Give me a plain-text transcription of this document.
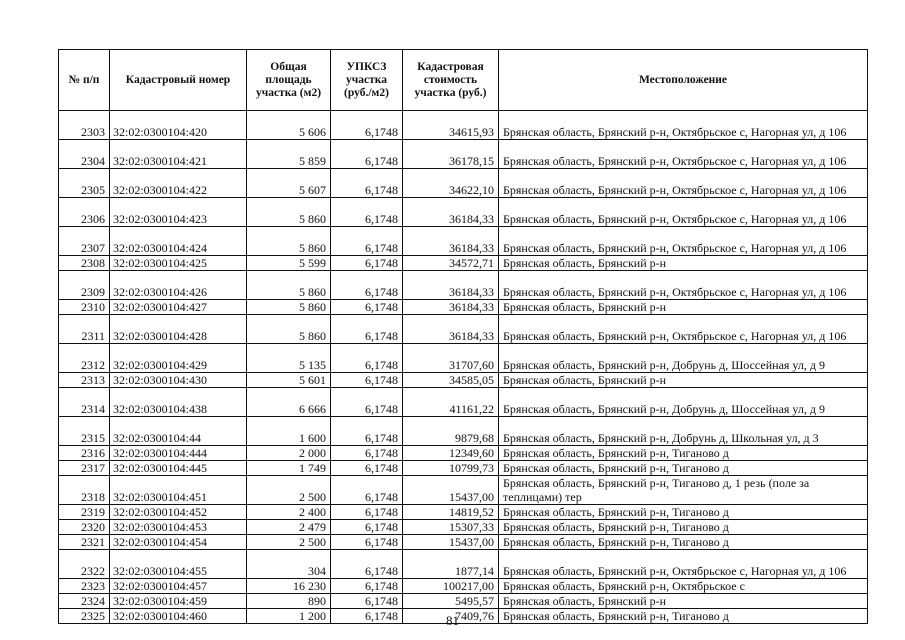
№ п/п	Кадастровый номер	Общая площадь участка (м2)	УПКСЗ участка (руб./м2)	Кадастровая стоимость участка (руб.)	Местоположение
2303	32:02:0300104:420	5 606	6,1748	34615,93	Брянская область, Брянский р-н, Октябрьское с, Нагорная ул, д 106
2304	32:02:0300104:421	5 859	6,1748	36178,15	Брянская область, Брянский р-н, Октябрьское с, Нагорная ул, д 106
2305	32:02:0300104:422	5 607	6,1748	34622,10	Брянская область, Брянский р-н, Октябрьское с, Нагорная ул, д 106
2306	32:02:0300104:423	5 860	6,1748	36184,33	Брянская область, Брянский р-н, Октябрьское с, Нагорная ул, д 106
2307	32:02:0300104:424	5 860	6,1748	36184,33	Брянская область, Брянский р-н, Октябрьское с, Нагорная ул, д 106
2308	32:02:0300104:425	5 599	6,1748	34572,71	Брянская область, Брянский р-н
2309	32:02:0300104:426	5 860	6,1748	36184,33	Брянская область, Брянский р-н, Октябрьское с, Нагорная ул, д 106
2310	32:02:0300104:427	5 860	6,1748	36184,33	Брянская область, Брянский р-н
2311	32:02:0300104:428	5 860	6,1748	36184,33	Брянская область, Брянский р-н, Октябрьское с, Нагорная ул, д 106
2312	32:02:0300104:429	5 135	6,1748	31707,60	Брянская область, Брянский р-н, Добрунь д, Шоссейная ул, д 9
2313	32:02:0300104:430	5 601	6,1748	34585,05	Брянская область, Брянский р-н
2314	32:02:0300104:438	6 666	6,1748	41161,22	Брянская область, Брянский р-н, Добрунь д, Шоссейная ул, д 9
2315	32:02:0300104:44	1 600	6,1748	9879,68	Брянская область, Брянский р-н, Добрунь д, Школьная ул, д 3
2316	32:02:0300104:444	2 000	6,1748	12349,60	Брянская область, Брянский р-н, Тиганово д
2317	32:02:0300104:445	1 749	6,1748	10799,73	Брянская область, Брянский р-н, Тиганово д
2318	32:02:0300104:451	2 500	6,1748	15437,00	Брянская область, Брянский р-н, Тиганово д, 1 резь (поле за теплицами) тер
2319	32:02:0300104:452	2 400	6,1748	14819,52	Брянская область, Брянский р-н, Тиганово д
2320	32:02:0300104:453	2 479	6,1748	15307,33	Брянская область, Брянский р-н, Тиганово д
2321	32:02:0300104:454	2 500	6,1748	15437,00	Брянская область, Брянский р-н, Тиганово д
2322	32:02:0300104:455	304	6,1748	1877,14	Брянская область, Брянский р-н, Октябрьское с, Нагорная ул, д 106
2323	32:02:0300104:457	16 230	6,1748	100217,00	Брянская область, Брянский р-н, Октябрьское с
2324	32:02:0300104:459	890	6,1748	5495,57	Брянская область, Брянский р-н
2325	32:02:0300104:460	1 200	6,1748	7409,76	Брянская область, Брянский р-н, Тиганово д
81
